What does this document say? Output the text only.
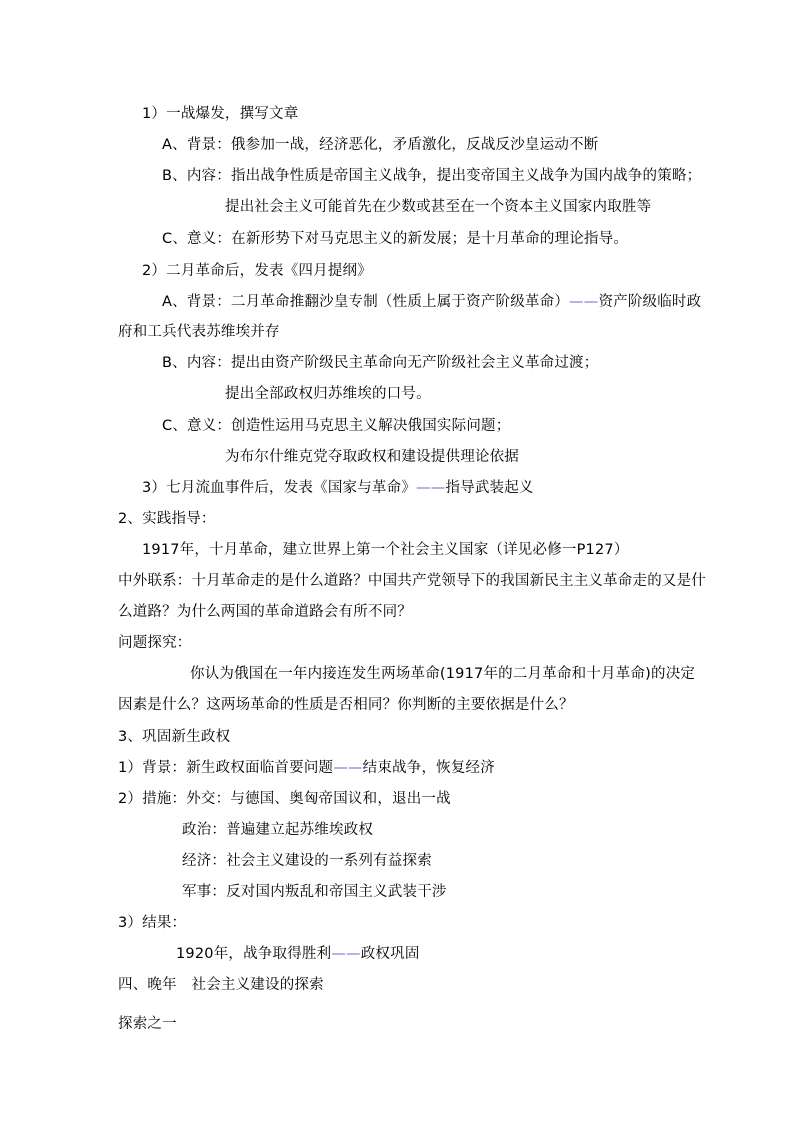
1）一战爆发，撰写文章
A、背景：俄参加一战，经济恶化，矛盾激化，反战反沙皇运动不断
B、内容：指出战争性质是帝国主义战争，提出变帝国主义战争为国内战争的策略；
提出社会主义可能首先在少数或甚至在一个资本主义国家内取胜等
C、意义：在新形势下对马克思主义的新发展；是十月革命的理论指导。
2）二月革命后，发表《四月提纲》
A、背景：二月革命推翻沙皇专制（性质上属于资产阶级革命）——资产阶级临时政
府和工兵代表苏维埃并存
B、内容：提出由资产阶级民主革命向无产阶级社会主义革命过渡；
提出全部政权归苏维埃的口号。
C、意义：创造性运用马克思主义解决俄国实际问题；
为布尔什维克党夺取政权和建设提供理论依据
3）七月流血事件后，发表《国家与革命》——指导武装起义
2、实践指导：
1917年，十月革命，建立世界上第一个社会主义国家（详见必修一P127）
中外联系：十月革命走的是什么道路？中国共产党领导下的我国新民主主义革命走的又是什
么道路？为什么两国的革命道路会有所不同？
问题探究：
你认为俄国在一年内接连发生两场革命(1917年的二月革命和十月革命)的决定
因素是什么？这两场革命的性质是否相同？你判断的主要依据是什么？
3、巩固新生政权
1）背景：新生政权面临首要问题——结束战争，恢复经济
2）措施：外交：与德国、奥匈帝国议和，退出一战
政治：普遍建立起苏维埃政权
经济：社会主义建设的一系列有益探索
军事：反对国内叛乱和帝国主义武装干涉
3）结果：
1920年，战争取得胜利——政权巩固
四、晚年　社会主义建设的探索
探索之一
